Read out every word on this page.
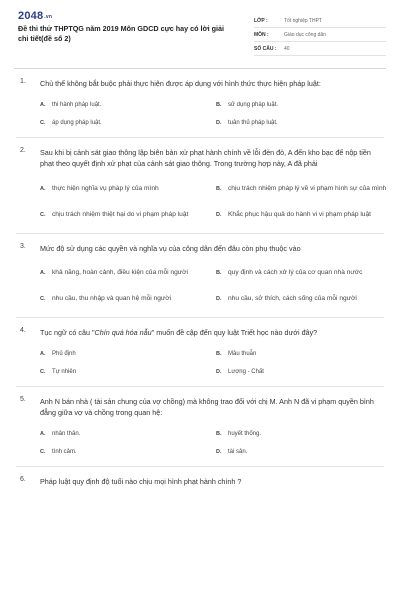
2048.vn
Đề thi thử THPTQG năm 2019 Môn GDCD cực hay có lời giải chi tiết(đề số 2)
LỚP :	Tốt nghiệp THPT
MÔN :	Giáo dục công dân
SỐ CÂU :	40
1. Chủ thể không bắt buộc phải thực hiện được áp dụng với hình thức thực hiện pháp luật:
A. thi hành pháp luật.	B. sử dụng pháp luật.
C. áp dụng pháp luật.	D. tuân thủ pháp luật.
2. Sau khi bị cảnh sát giao thông lập biên bản xử phạt hành chính về lỗi đèn đỏ, A đến kho bạc để nộp tiền phạt theo quyết định xử phạt của cảnh sát giao thông. Trong trường hợp này, A đã phải
A. thực hiện nghĩa vụ pháp lý của mình	B. chịu trách nhiệm pháp lý về vi phạm hình sự của mình
C. chịu trách nhiệm thiệt hại do vi phạm pháp luật	D. Khắc phục hậu quả do hành vi vi phạm pháp luật
3. Mức độ sử dụng các quyền và nghĩa vụ của công dân đến đâu còn phụ thuộc vào
A. khả năng, hoàn cảnh, điều kiện của mỗi người	B. quy định và cách xử lý của cơ quan nhà nước
C. nhu cầu, thu nhập và quan hệ mỗi người	D. nhu cầu, sở thích, cách sống của mỗi người
4. Tục ngữ có câu "Chín quá hóa nẫu" muốn đề cập đến quy luật Triết học nào dưới đây?
A. Phủ định	B. Mâu thuẫn
C. Tự nhiên	D. Lượng - Chất
5. Anh N bán nhà ( tài sản chung của vợ chồng) mà không trao đổi với chị M. Anh N đã vi phạm quyền bình đẳng giữa vợ và chồng trong quan hệ:
A. nhân thân.	B. huyết thống.
C. tình cảm.	D. tài sản.
6. Pháp luật quy định độ tuổi nào chịu mọi hình phạt hành chính ?
